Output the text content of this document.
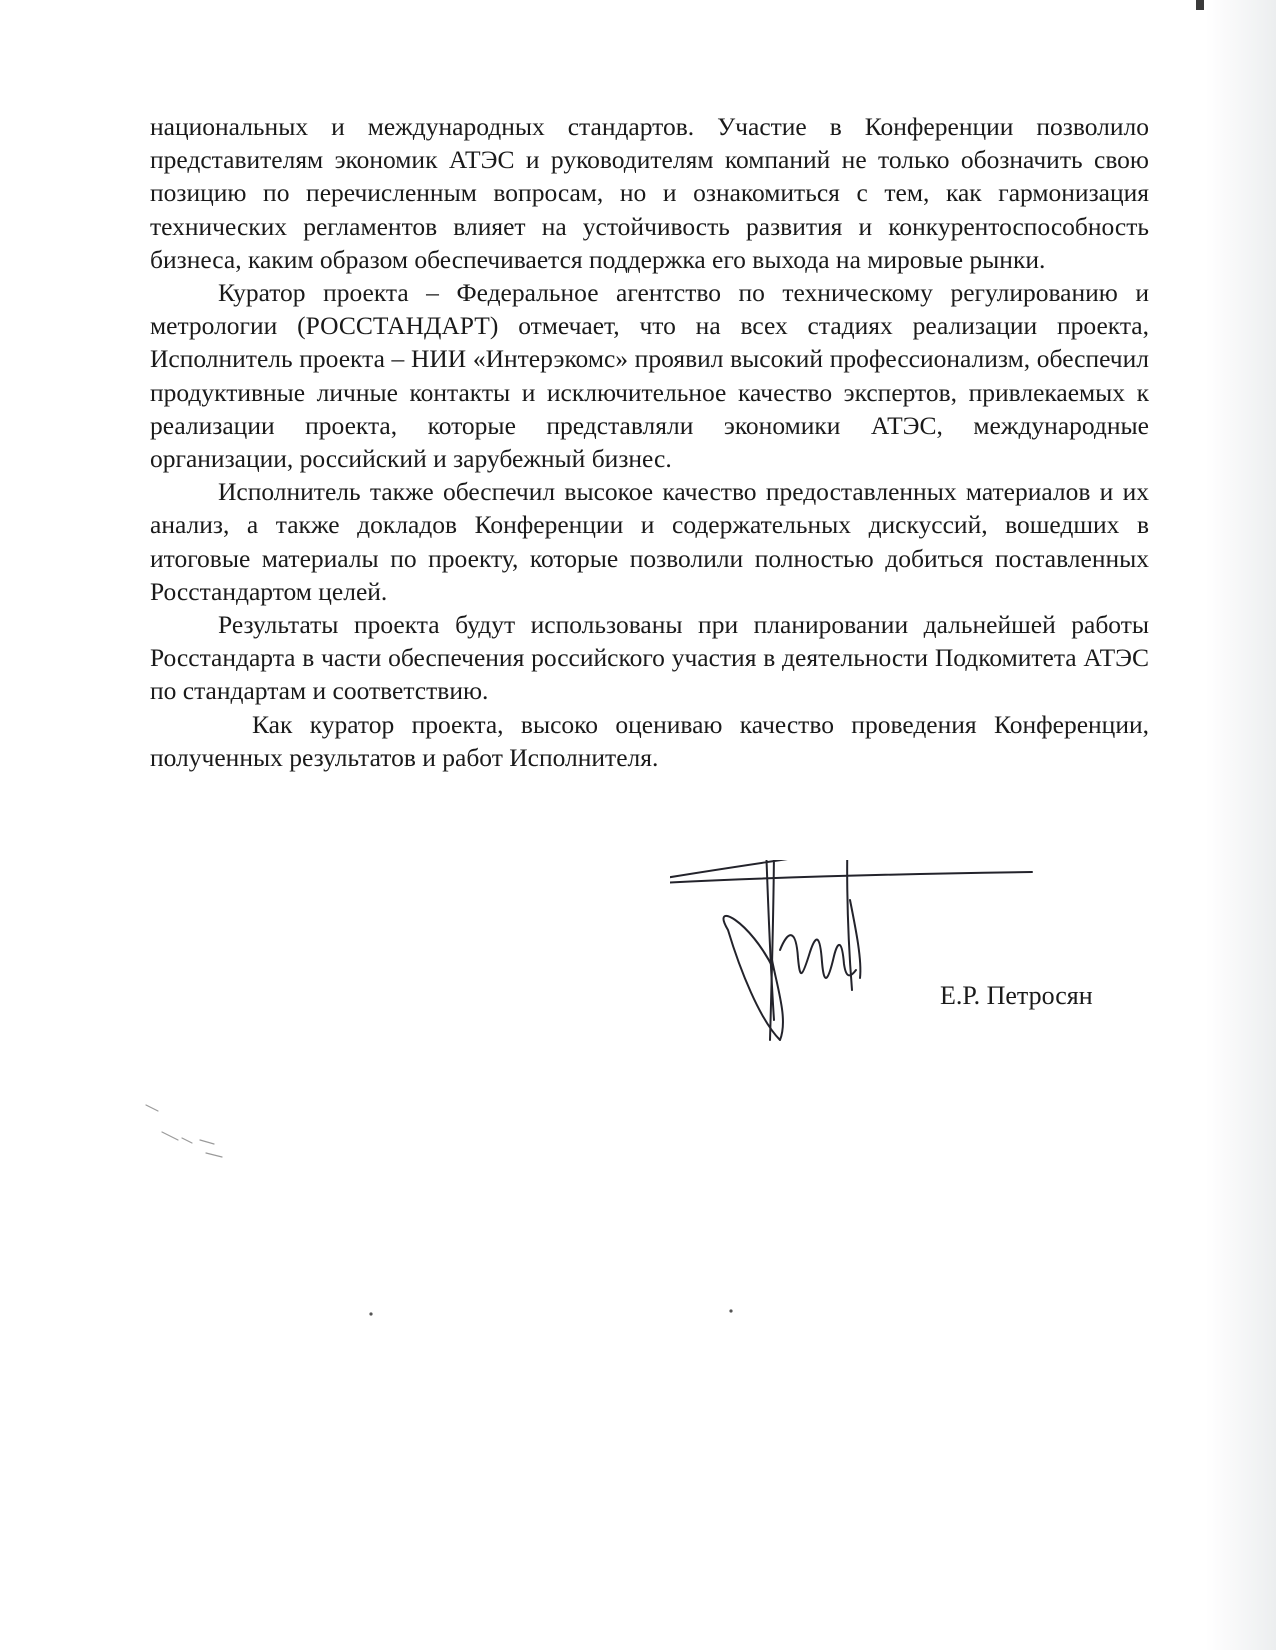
национальных и международных стандартов. Участие в Конференции позволило представителям экономик АТЭС и руководителям компаний не только обозначить свою позицию по перечисленным вопросам, но и ознакомиться с тем, как гармонизация технических регламентов влияет на устойчивость развития и конкурентоспособность бизнеса, каким образом обеспечивается поддержка его выхода на мировые рынки.

Куратор проекта – Федеральное агентство по техническому регулированию и метрологии (РОССТАНДАРТ) отмечает, что на всех стадиях реализации проекта, Исполнитель проекта – НИИ «Интерэкомс» проявил высокий профессионализм, обеспечил продуктивные личные контакты и исключительное качество экспертов, привлекаемых к реализации проекта, которые представляли экономики АТЭС, международные организации, российский и зарубежный бизнес.

Исполнитель также обеспечил высокое качество предоставленных материалов и их анализ, а также докладов Конференции и содержательных дискуссий, вошедших в итоговые материалы по проекту, которые позволили полностью добиться поставленных Росстандартом целей.

Результаты проекта будут использованы при планировании дальнейшей работы Росстандарта в части обеспечения российского участия в деятельности Подкомитета АТЭС по стандартам и соответствию.

Как куратор проекта, высоко оцениваю качество проведения Конференции, полученных результатов и работ Исполнителя.

Е.Р. Петросян
